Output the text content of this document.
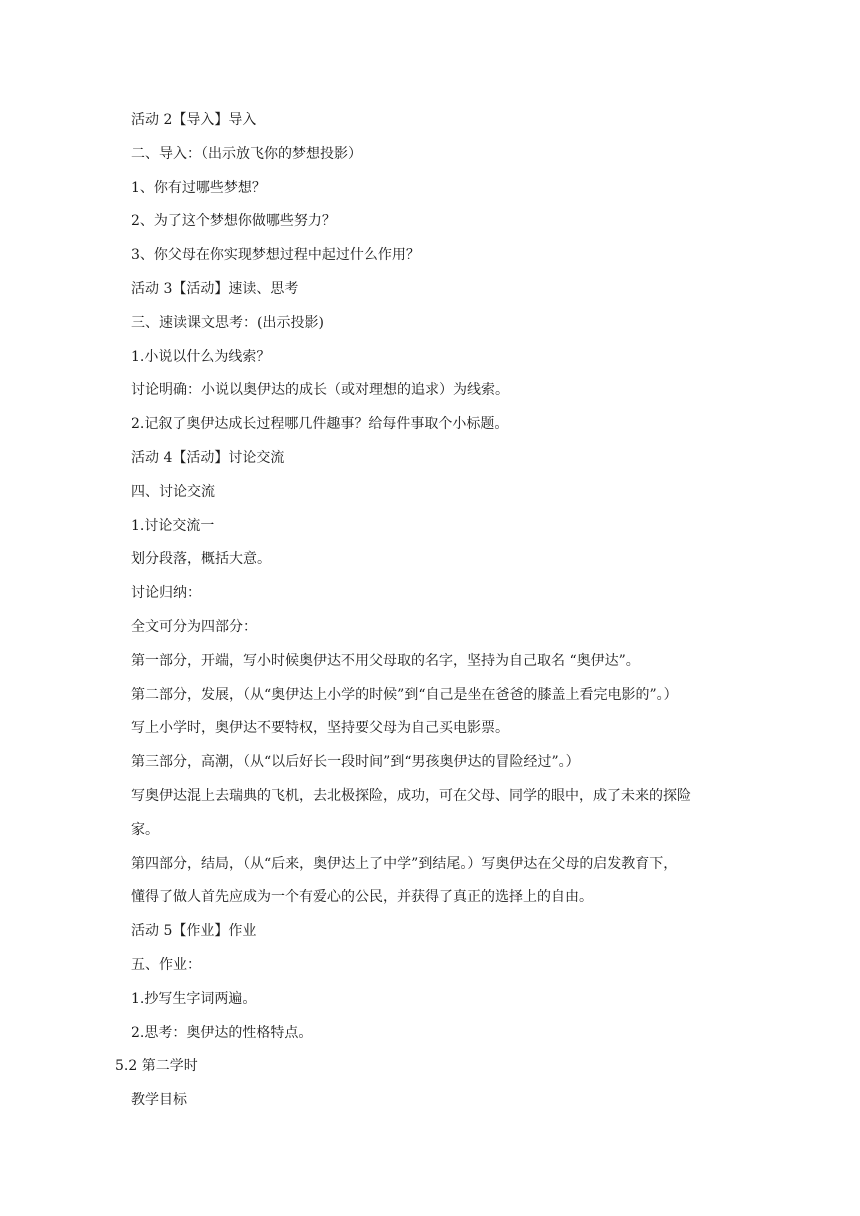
活动 2【导入】导入

二、导入：（出示放飞你的梦想投影）

1、你有过哪些梦想？

2、为了这个梦想你做哪些努力？

3、你父母在你实现梦想过程中起过什么作用？

活动 3【活动】速读、思考

三、速读课文思考：(出示投影)

1.小说以什么为线索？

讨论明确：小说以奥伊达的成长（或对理想的追求）为线索。

2.记叙了奥伊达成长过程哪几件趣事？给每件事取个小标题。

活动 4【活动】讨论交流

四、讨论交流

1.讨论交流一

划分段落，概括大意。

讨论归纳：

全文可分为四部分：

第一部分，开端，写小时候奥伊达不用父母取的名字，坚持为自己取名 “奥伊达”。

第二部分，发展，（从“奥伊达上小学的时候”到“自己是坐在爸爸的膝盖上看完电影的”。）

写上小学时，奥伊达不要特权，坚持要父母为自己买电影票。

第三部分，高潮，（从“以后好长一段时间”到“男孩奥伊达的冒险经过”。）

写奥伊达混上去瑞典的飞机，去北极探险，成功，可在父母、同学的眼中，成了未来的探险

家。

第四部分，结局，（从“后来，奥伊达上了中学”到结尾。）写奥伊达在父母的启发教育下，

懂得了做人首先应成为一个有爱心的公民，并获得了真正的选择上的自由。

活动 5【作业】作业

五、作业：

1.抄写生字词两遍。

2.思考：奥伊达的性格特点。

5.2 第二学时

教学目标
